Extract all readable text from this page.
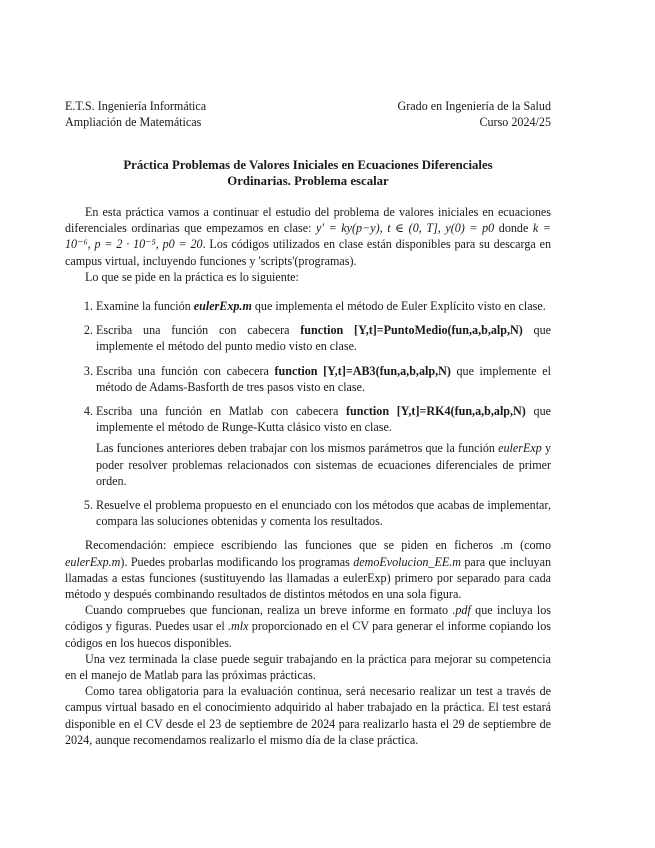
E.T.S. Ingeniería Informática	Grado en Ingeniería de la Salud
Ampliación de Matemáticas	Curso 2024/25
Práctica Problemas de Valores Iniciales en Ecuaciones Diferenciales
Ordinarias. Problema escalar

En esta práctica vamos a continuar el estudio del problema de valores iniciales en ecuaciones diferenciales ordinarias que empezamos en clase: y′ = ky(p−y), t ∈ (0, T], y(0) = p0 donde k = 10⁻⁶, p = 2 · 10⁻⁵, p0 = 20. Los códigos utilizados en clase están disponibles para su descarga en campus virtual, incluyendo funciones y 'scripts'(programas).

Lo que se pide en la práctica es lo siguiente:

1. Examine la función eulerExp.m que implementa el método de Euler Explícito visto en clase.
2. Escriba una función con cabecera function [Y,t]=PuntoMedio(fun,a,b,alp,N) que implemente el método del punto medio visto en clase.
3. Escriba una función con cabecera function [Y,t]=AB3(fun,a,b,alp,N) que implemente el método de Adams-Basforth de tres pasos visto en clase.
4. Escriba una función en Matlab con cabecera function [Y,t]=RK4(fun,a,b,alp,N) que implemente el método de Runge-Kutta clásico visto en clase.

Las funciones anteriores deben trabajar con los mismos parámetros que la función eulerExp y poder resolver problemas relacionados con sistemas de ecuaciones diferenciales de primer orden.

5. Resuelve el problema propuesto en el enunciado con los métodos que acabas de implementar, compara las soluciones obtenidas y comenta los resultados.

Recomendación: empiece escribiendo las funciones que se piden en ficheros .m (como eulerExp.m). Puedes probarlas modificando los programas demoEvolucion_EE.m para que incluyan llamadas a estas funciones (sustituyendo las llamadas a eulerExp) primero por separado para cada método y después combinando resultados de distintos métodos en una sola figura.

Cuando compruebes que funcionan, realiza un breve informe en formato .pdf que incluya los códigos y figuras. Puedes usar el .mlx proporcionado en el CV para generar el informe copiando los códigos en los huecos disponibles.

Una vez terminada la clase puede seguir trabajando en la práctica para mejorar su competencia en el manejo de Matlab para las próximas prácticas.

Como tarea obligatoria para la evaluación continua, será necesario realizar un test a través de campus virtual basado en el conocimiento adquirido al haber trabajado en la práctica. El test estará disponible en el CV desde el 23 de septiembre de 2024 para realizarlo hasta el 29 de septiembre de 2024, aunque recomendamos realizarlo el mismo día de la clase práctica.
